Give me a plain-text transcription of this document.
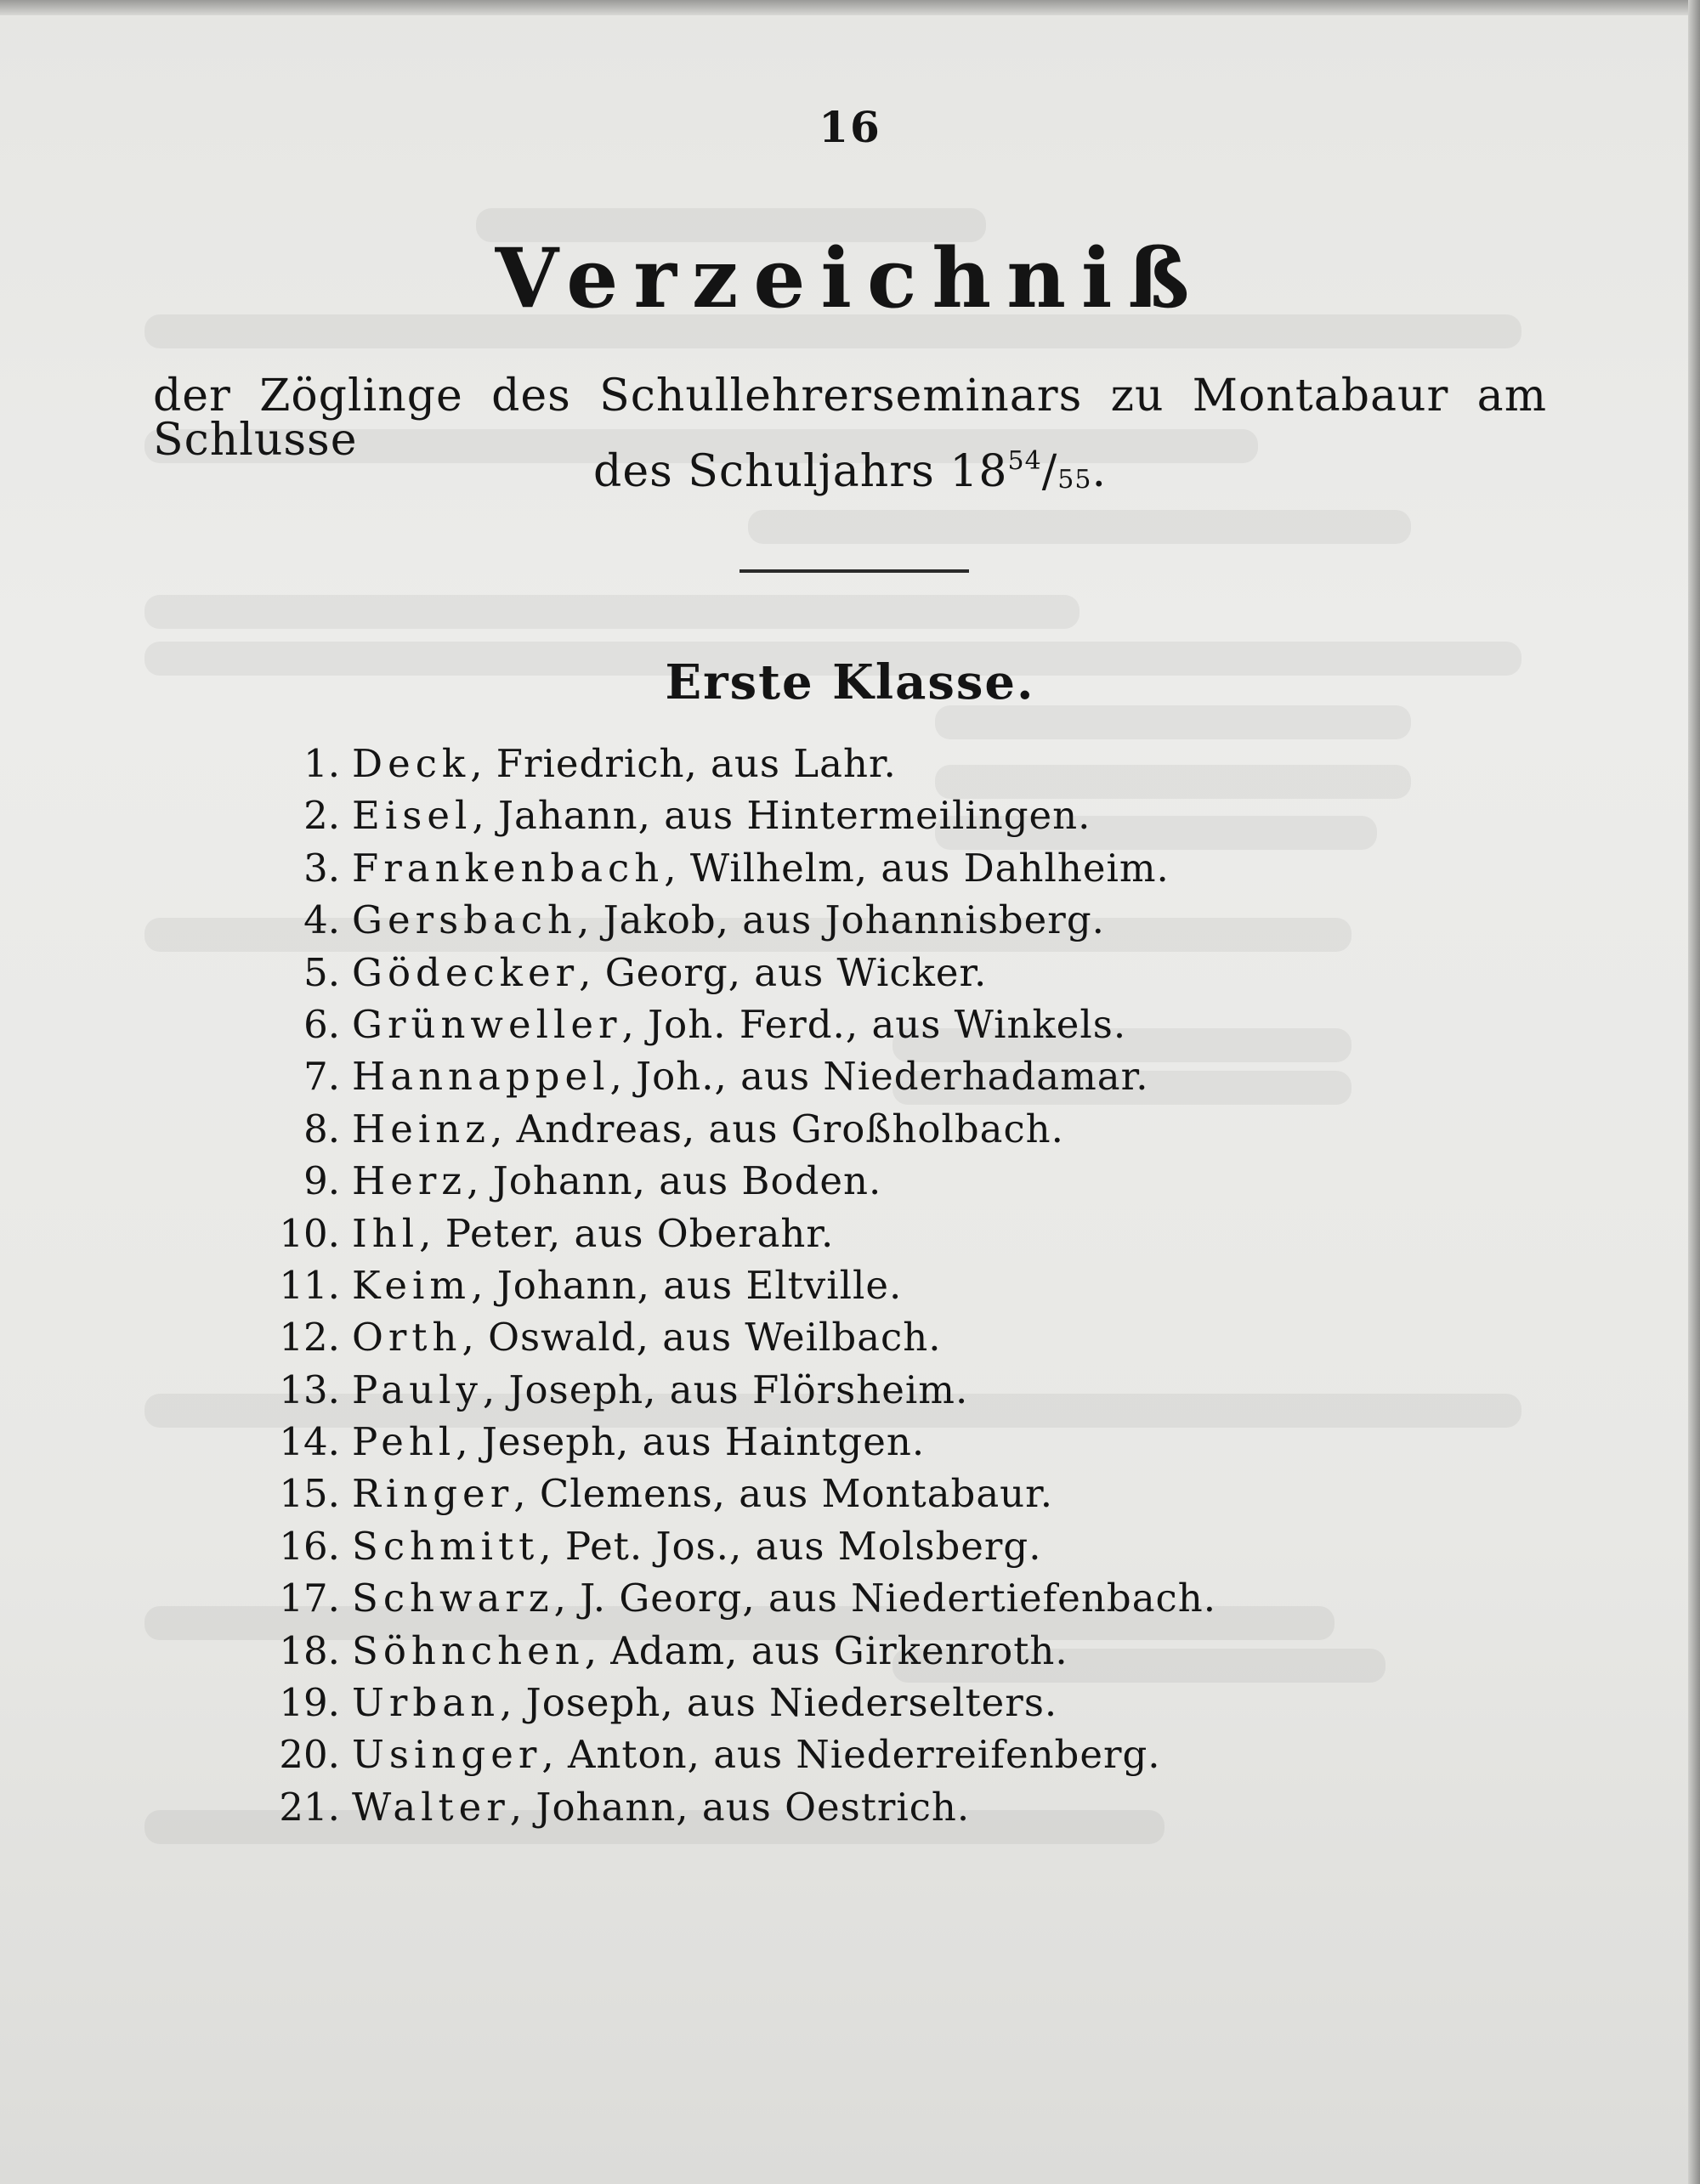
16
Verzeichniß
der Zöglinge des Schullehrerseminars zu Montabaur am Schlusse
des Schuljahrs $18^{54}/_{55}$.
Erste Klasse.
1. Deck, Friedrich, aus Lahr.
2. Eisel, Jahann, aus Hintermeilingen.
3. Frankenbach, Wilhelm, aus Dahlheim.
4. Gersbach, Jakob, aus Johannisberg.
5. Gödecker, Georg, aus Wicker.
6. Grünweller, Joh. Ferd., aus Winkels.
7. Hannappel, Joh., aus Niederhadamar.
8. Heinz, Andreas, aus Großholbach.
9. Herz, Johann, aus Boden.
10. Ihl, Peter, aus Oberahr.
11. Keim, Johann, aus Eltville.
12. Orth, Oswald, aus Weilbach.
13. Pauly, Joseph, aus Flörsheim.
14. Pehl, Jeseph, aus Haintgen.
15. Ringer, Clemens, aus Montabaur.
16. Schmitt, Pet. Jos., aus Molsberg.
17. Schwarz, J. Georg, aus Niedertiefenbach.
18. Söhnchen, Adam, aus Girkenroth.
19. Urban, Joseph, aus Niederselters.
20. Usinger, Anton, aus Niederreifenberg.
21. Walter, Johann, aus Oestrich.
